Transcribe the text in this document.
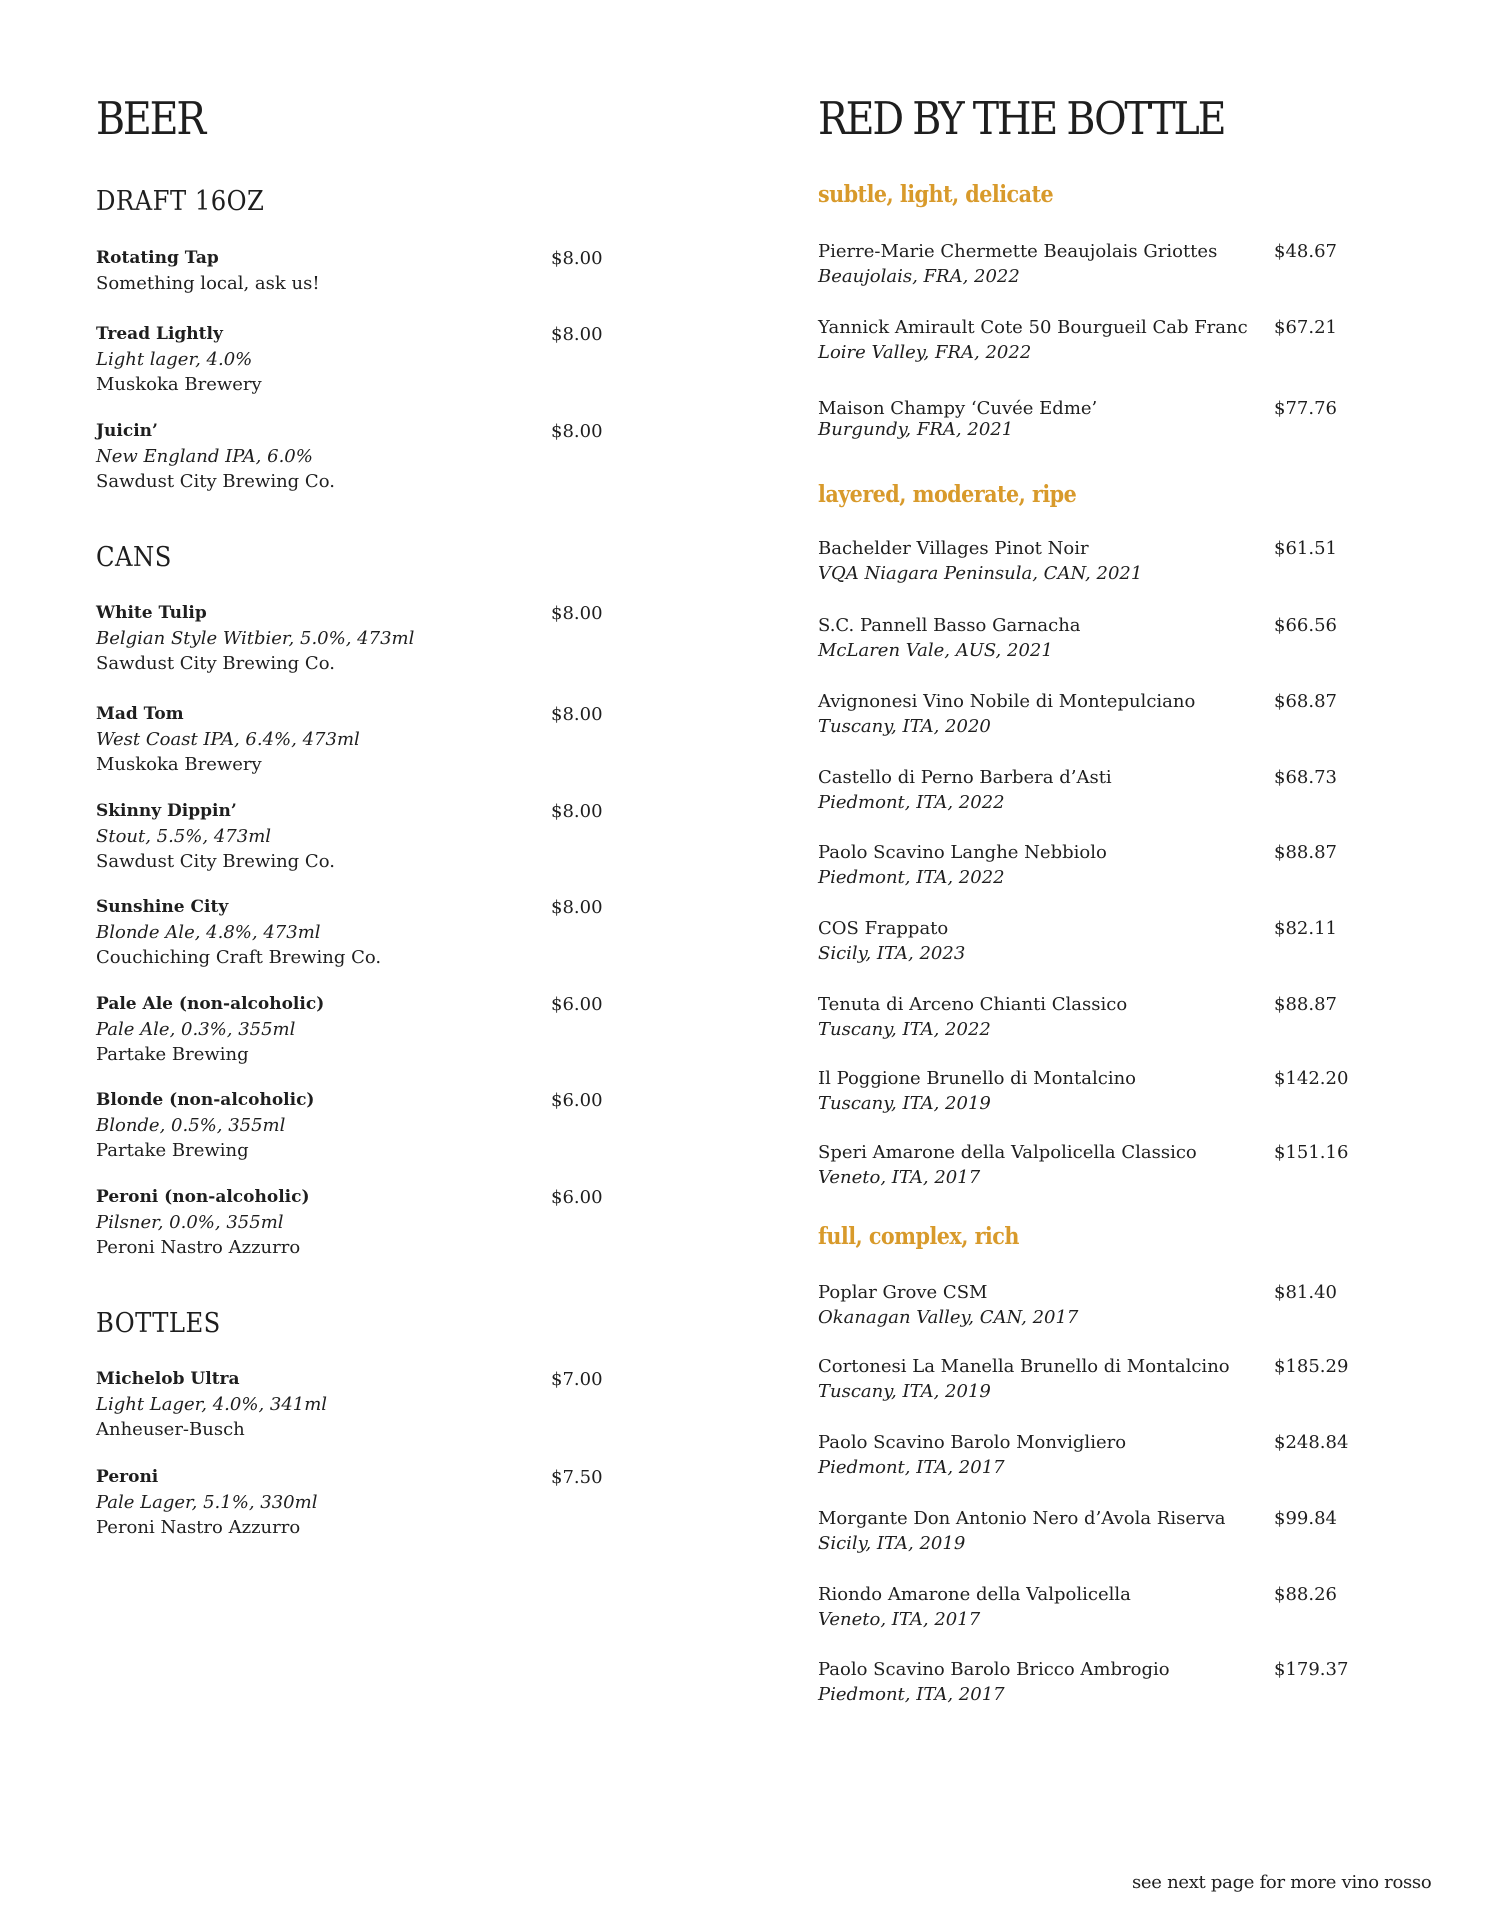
BEER
DRAFT 16OZ
Rotating Tap
Something local, ask us!
$8.00
Tread Lightly
Light lager, 4.0%
Muskoka Brewery
$8.00
Juicin’
New England IPA, 6.0%
Sawdust City Brewing Co.
$8.00
CANS
White Tulip
Belgian Style Witbier, 5.0%, 473ml
Sawdust City Brewing Co.
$8.00
Mad Tom
West Coast IPA, 6.4%, 473ml
Muskoka Brewery
$8.00
Skinny Dippin’
Stout, 5.5%, 473ml
Sawdust City Brewing Co.
$8.00
Sunshine City
Blonde Ale, 4.8%, 473ml
Couchiching Craft Brewing Co.
$8.00
Pale Ale (non-alcoholic)
Pale Ale, 0.3%, 355ml
Partake Brewing
$6.00
Blonde (non-alcoholic)
Blonde, 0.5%, 355ml
Partake Brewing
$6.00
Peroni (non-alcoholic)
Pilsner, 0.0%, 355ml
Peroni Nastro Azzurro
$6.00
BOTTLES
Michelob Ultra
Light Lager, 4.0%, 341ml
Anheuser-Busch
$7.00
Peroni
Pale Lager, 5.1%, 330ml
Peroni Nastro Azzurro
$7.50
RED BY THE BOTTLE
subtle, light, delicate
Pierre-Marie Chermette Beaujolais Griottes
Beaujolais, FRA, 2022
$48.67
Yannick Amirault Cote 50 Bourgueil Cab Franc
Loire Valley, FRA, 2022
$67.21
Maison Champy ‘Cuvée Edme’
Burgundy, FRA, 2021
$77.76
layered, moderate, ripe
Bachelder Villages Pinot Noir
VQA Niagara Peninsula, CAN, 2021
$61.51
S.C. Pannell Basso Garnacha
McLaren Vale, AUS, 2021
$66.56
Avignonesi Vino Nobile di Montepulciano
Tuscany, ITA, 2020
$68.87
Castello di Perno Barbera d’Asti
Piedmont, ITA, 2022
$68.73
Paolo Scavino Langhe Nebbiolo
Piedmont, ITA, 2022
$88.87
COS Frappato
Sicily, ITA, 2023
$82.11
Tenuta di Arceno Chianti Classico
Tuscany, ITA, 2022
$88.87
Il Poggione Brunello di Montalcino
Tuscany, ITA, 2019
$142.20
Speri Amarone della Valpolicella Classico
Veneto, ITA, 2017
$151.16
full, complex, rich
Poplar Grove CSM
Okanagan Valley, CAN, 2017
$81.40
Cortonesi La Manella Brunello di Montalcino
Tuscany, ITA, 2019
$185.29
Paolo Scavino Barolo Monvigliero
Piedmont, ITA, 2017
$248.84
Morgante Don Antonio Nero d’Avola Riserva
Sicily, ITA, 2019
$99.84
Riondo Amarone della Valpolicella
Veneto, ITA, 2017
$88.26
Paolo Scavino Barolo Bricco Ambrogio
Piedmont, ITA, 2017
$179.37
see next page for more vino rosso
